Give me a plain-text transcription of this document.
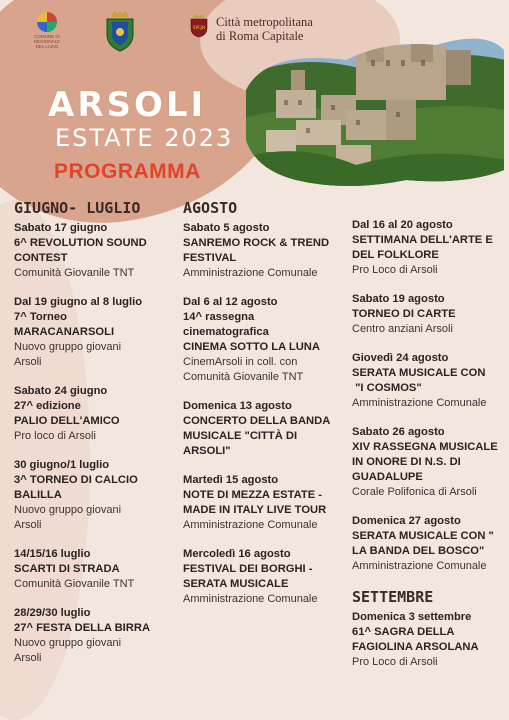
COMUNE DI
REGIONALE
DEL LAZIO
SPQR Città metropolitana
di Roma Capitale
ARSOLI
ESTATE 2023
PROGRAMMA
GIUGNO- LUGLIO
Sabato 17 giugno
6^ REVOLUTION SOUND
CONTEST
Comunità Giovanile TNT
Dal 19 giugno al 8 luglio
7^ Torneo
MARACANARSOLI
Nuovo gruppo giovani
Arsoli
Sabato 24 giugno
27^ edizione
PALIO DELL'AMICO
Pro loco di Arsoli
30 giugno/1 luglio
3^ TORNEO DI CALCIO
BALILLA
Nuovo gruppo giovani
Arsoli
14/15/16 luglio
SCARTI DI STRADA
Comunità Giovanile TNT
28/29/30 luglio
27^ FESTA DELLA BIRRA
Nuovo gruppo giovani
Arsoli
AGOSTO
Sabato 5 agosto
SANREMO ROCK & TREND
FESTIVAL
Amministrazione Comunale
Dal 6 al 12 agosto
14^ rassegna
cinematografica
CINEMA SOTTO LA LUNA
CinemArsoli in coll. con
Comunità Giovanile TNT
Domenica 13 agosto
CONCERTO DELLA BANDA
MUSICALE "CITTÀ DI
ARSOLI"
Martedì 15 agosto
NOTE DI MEZZA ESTATE -
MADE IN ITALY LIVE TOUR
Amministrazione Comunale
Mercoledì 16 agosto
FESTIVAL DEI BORGHI -
SERATA MUSICALE
Amministrazione Comunale
Dal 16 al 20 agosto
SETTIMANA DELL'ARTE E
DEL FOLKLORE
Pro Loco di Arsoli
Sabato 19 agosto
TORNEO DI CARTE
Centro anziani Arsoli
Giovedì 24 agosto
SERATA MUSICALE CON
"I COSMOS"
Amministrazione Comunale
Sabato 26 agosto
XIV RASSEGNA MUSICALE
IN ONORE DI N.S. DI
GUADALUPE
Corale Polifonica di Arsoli
Domenica 27 agosto
SERATA MUSICALE CON "
LA BANDA DEL BOSCO"
Amministrazione Comunale
SETTEMBRE
Domenica 3 settembre
61^ SAGRA DELLA
FAGIOLINA ARSOLANA
Pro Loco di Arsoli
